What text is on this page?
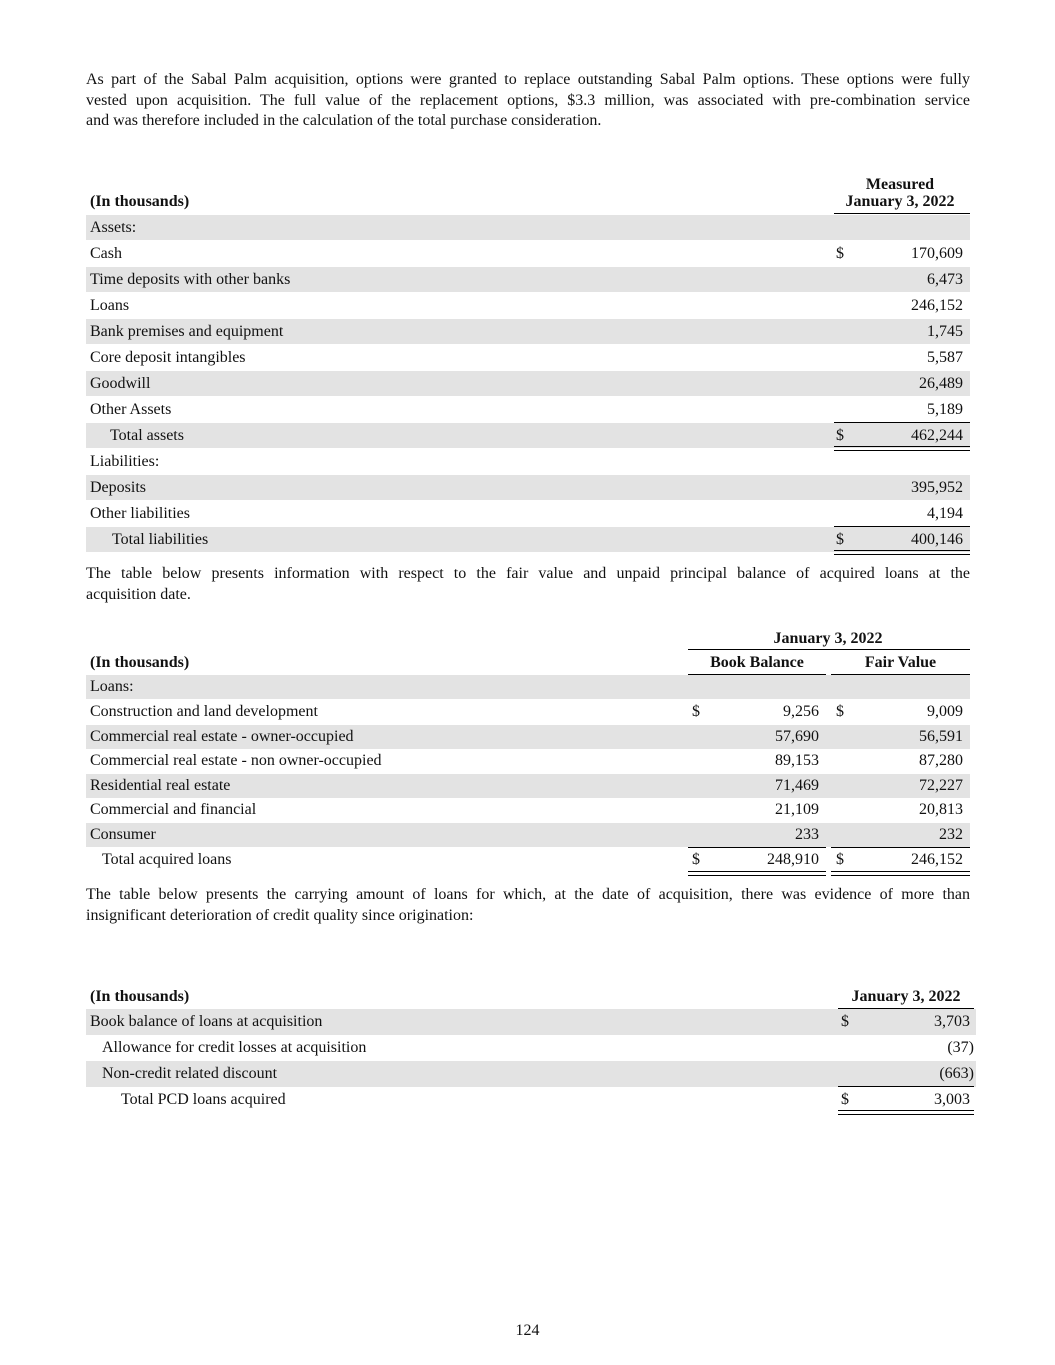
As part of the Sabal Palm acquisition, options were granted to replace outstanding Sabal Palm options. These options were fully
vested upon acquisition. The full value of the replacement options, $3.3 million, was associated with pre-combination service
and was therefore included in the calculation of the total purchase consideration.
(In thousands)
Measured
January 3, 2022
Assets:
Cash	$	170,609
Time deposits with other banks	6,473
Loans	246,152
Bank premises and equipment	1,745
Core deposit intangibles	5,587
Goodwill	26,489
Other Assets	5,189
Total assets	$	462,244
Liabilities:
Deposits	395,952
Other liabilities	4,194
Total liabilities	$	400,146
The table below presents information with respect to the fair value and unpaid principal balance of acquired loans at the
acquisition date.
January 3, 2022
(In thousands)	Book Balance	Fair Value
Loans:
Construction and land development	$	9,256 $	9,009
Commercial real estate - owner-occupied	57,690	56,591
Commercial real estate - non owner-occupied	89,153	87,280
Residential real estate	71,469	72,227
Commercial and financial	21,109	20,813
Consumer	233	232
Total acquired loans	$	248,910 $	246,152
The table below presents the carrying amount of loans for which, at the date of acquisition, there was evidence of more than
insignificant deterioration of credit quality since origination:
(In thousands)	January 3, 2022
Book balance of loans at acquisition	$	3,703
Allowance for credit losses at acquisition	(37)
Non-credit related discount	(663)
Total PCD loans acquired	$	3,003
124
